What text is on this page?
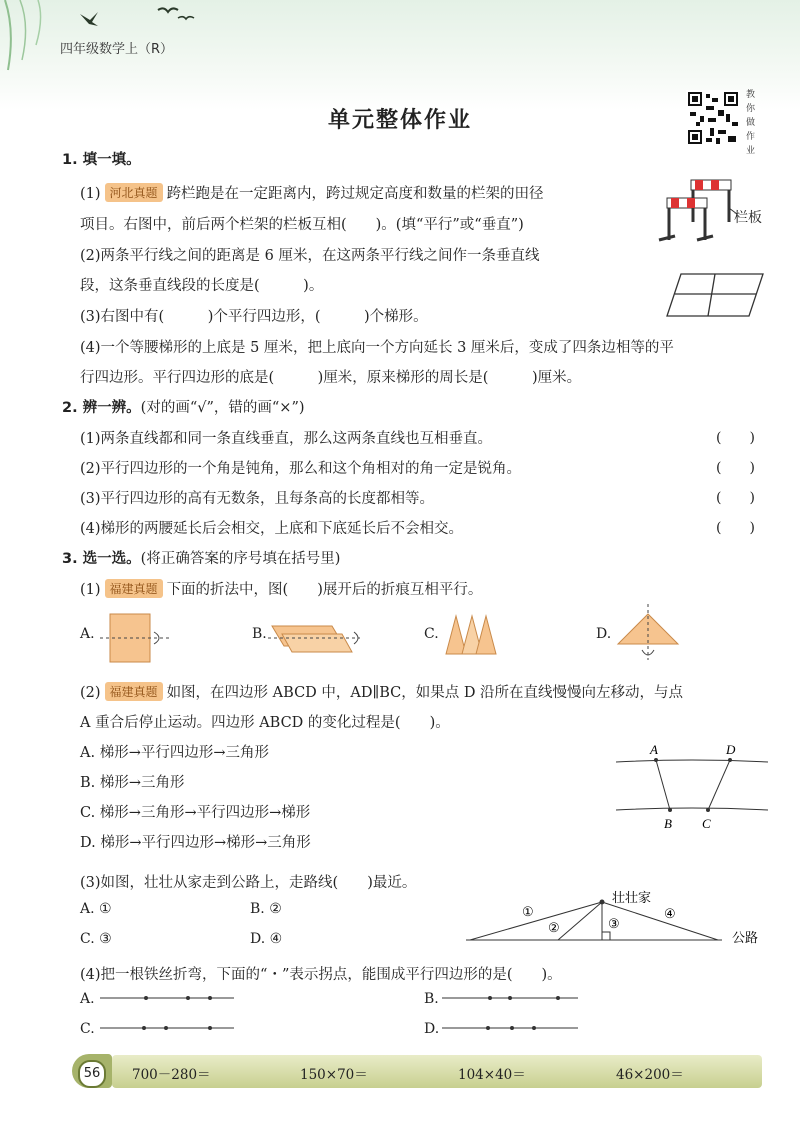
四年级数学上（R）
单元整体作业
教你做作业
1. 填一填。
(1) 河北真题 跨栏跑是在一定距离内，跨过规定高度和数量的栏架的田径
项目。右图中，前后两个栏架的栏板互相(　　)。(填“平行”或“垂直”)	栏板
(2)两条平行线之间的距离是 6 厘米，在这两条平行线之间作一条垂直线
段，这条垂直线段的长度是(　　　)。
(3)右图中有(　　　)个平行四边形，(　　　)个梯形。
(4)一个等腰梯形的上底是 5 厘米，把上底向一个方向延长 3 厘米后，变成了四条边相等的平
行四边形。平行四边形的底是(　　　)厘米，原来梯形的周长是(　　　)厘米。
2. 辨一辨。(对的画“√”，错的画“×”)
(1)两条直线都和同一条直线垂直，那么这两条直线也互相垂直。
(2)平行四边形的一个角是钝角，那么和这个角相对的角一定是锐角。
(3)平行四边形的高有无数条，且每条高的长度都相等。
(4)梯形的两腰延长后会相交，上底和下底延长后不会相交。
(　　)
(　　)
(　　)
(　　)
3. 选一选。(将正确答案的序号填在括号里)
(1) 福建真题 下面的折法中，图(　　)展开后的折痕互相平行。
A.	B.	C.	D.
(2) 福建真题 如图，在四边形 ABCD 中，AD∥BC，如果点 D 沿所在直线慢慢向左移动，与点
A 重合后停止运动。四边形 ABCD 的变化过程是(　　)。
A. 梯形→平行四边形→三角形
B. 梯形→三角形
C. 梯形→三角形→平行四边形→梯形
D. 梯形→平行四边形→梯形→三角形
A	D
B C
(3)如图，壮壮从家走到公路上，走路线(　　)最近。
A. ①	B. ②
C. ③	D. ④
壮壮家
公路
①
②	③
④
(4)把一根铁丝折弯，下面的“・”表示拐点，能围成平行四边形的是(　　)。
A.	B.
C.	D.
56	700－280＝	150×70＝	104×40＝	46×200＝
